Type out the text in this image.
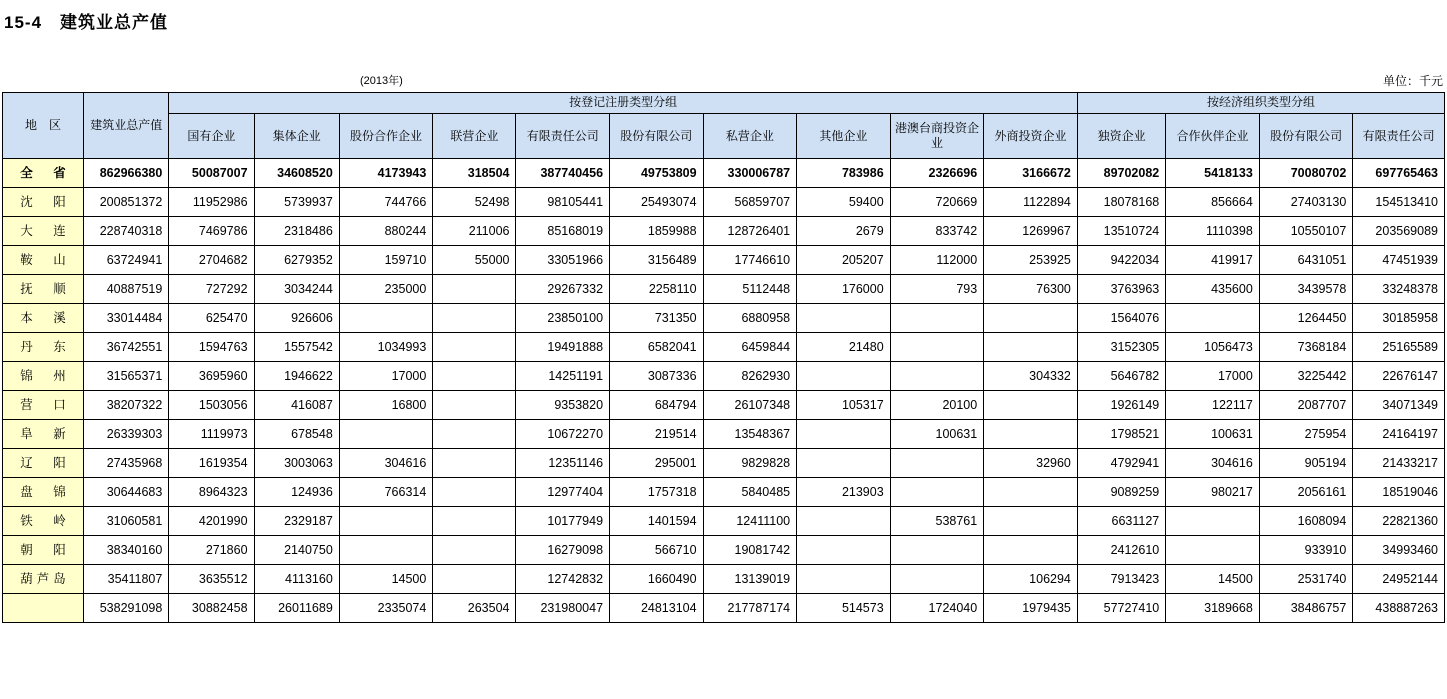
15-4 建筑业总产值
(2013年)	单位：千元
地　区	建筑业总产值	按登记注册类型分组										按经济组织类型分组			
		国有企业	集体企业	股份合作企业	联营企业	有限责任公司	股份有限公司	私营企业	其他企业	港澳台商投资企业	外商投资企业	独资企业	合作伙伴企业	股份有限公司	有限责任公司
全　省	862966380	50087007	34608520	4173943	318504	387740456	49753809	330006787	783986	2326696	3166672	89702082	5418133	70080702	697765463
沈　阳	200851372	11952986	5739937	744766	52498	98105441	25493074	56859707	59400	720669	1122894	18078168	856664	27403130	154513410
大　连	228740318	7469786	2318486	880244	211006	85168019	1859988	128726401	2679	833742	1269967	13510724	1110398	10550107	203569089
鞍　山	63724941	2704682	6279352	159710	55000	33051966	3156489	17746610	205207	112000	253925	9422034	419917	6431051	47451939
抚　顺	40887519	727292	3034244	235000		29267332	2258110	5112448	176000	793	76300	3763963	435600	3439578	33248378
本　溪	33014484	625470	926606			23850100	731350	6880958				1564076		1264450	30185958
丹　东	36742551	1594763	1557542	1034993		19491888	6582041	6459844	21480			3152305	1056473	7368184	25165589
锦　州	31565371	3695960	1946622	17000		14251191	3087336	8262930			304332	5646782	17000	3225442	22676147
营　口	38207322	1503056	416087	16800		9353820	684794	26107348	105317	20100		1926149	122117	2087707	34071349
阜　新	26339303	1119973	678548			10672270	219514	13548367		100631		1798521	100631	275954	24164197
辽　阳	27435968	1619354	3003063	304616		12351146	295001	9829828			32960	4792941	304616	905194	21433217
盘　锦	30644683	8964323	124936	766314		12977404	1757318	5840485	213903			9089259	980217	2056161	18519046
铁　岭	31060581	4201990	2329187			10177949	1401594	12411100		538761		6631127		1608094	22821360
朝　阳	38340160	271860	2140750			16279098	566710	19081742				2412610		933910	34993460
葫芦岛	35411807	3635512	4113160	14500		12742832	1660490	13139019			106294	7913423	14500	2531740	24952144
	538291098	30882458	26011689	2335074	263504	231980047	24813104	217787174	514573	1724040	1979435	57727410	3189668	38486757	438887263
